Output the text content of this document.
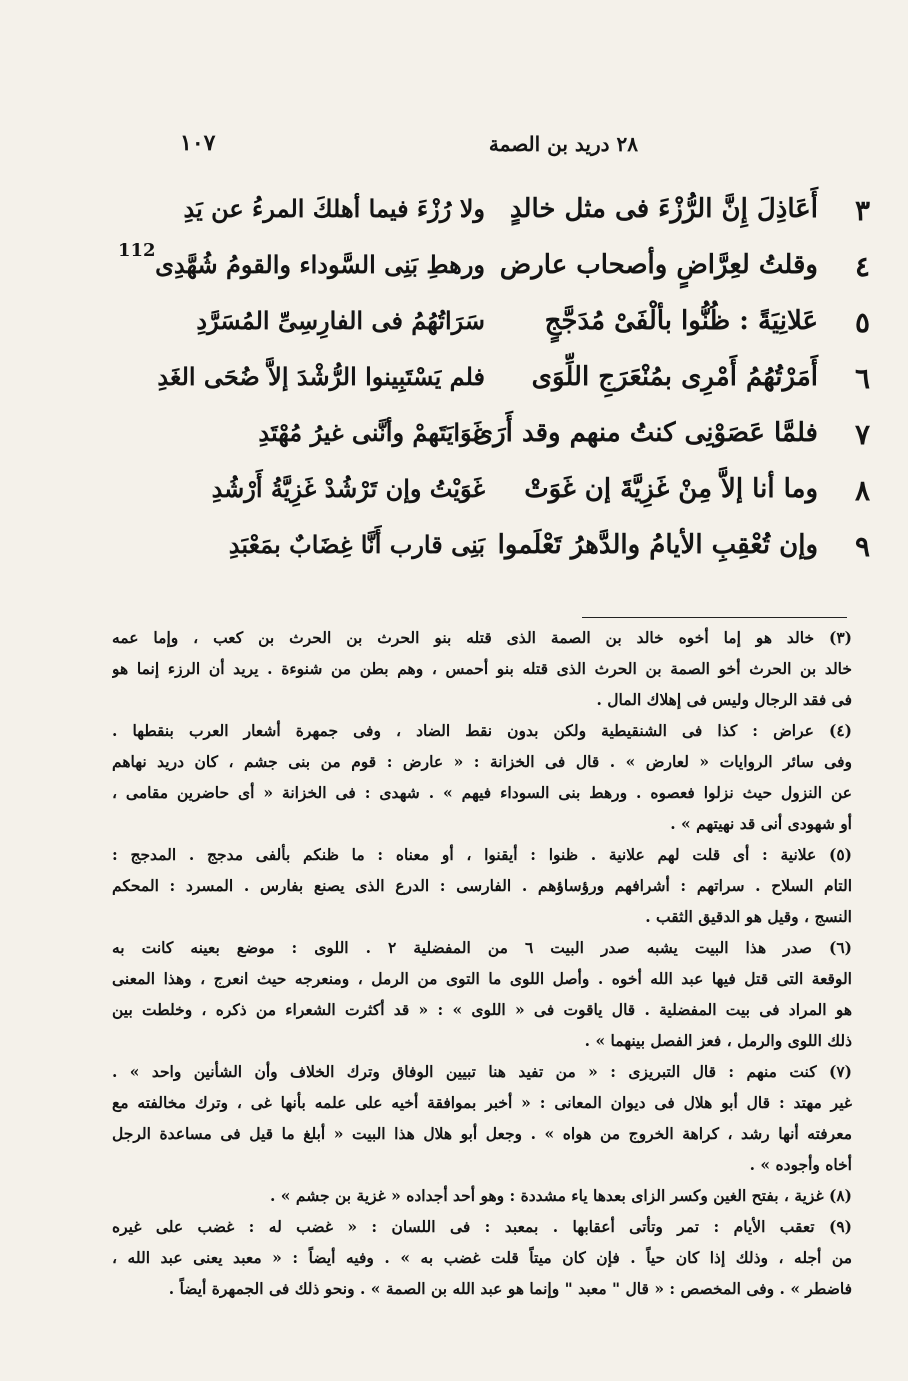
٢٨ دريد بن الصمة
١٠٧
112
٣
أَعَاذِلَ إِنَّ الرُّزْءَ فى مثل خالدٍ
ولا رُزْءَ فيما أهلكَ المرءُ عن يَدِ
٤
وقلتُ لعِرَّاضٍ وأصحاب عارض
ورهطِ بَنِى السَّوداء والقومُ شُهَّدِى
٥
عَلانِيَةً : ظُنُّوا بألْفَىْ مُدَجَّجٍ
سَرَاتُهُمُ فى الفارِسِىِّ المُسَرَّدِ
٦
أَمَرْتُهُمُ أَمْرِى بمُنْعَرَجِ اللِّوَى
فلم يَسْتَبِينوا الرُّشْدَ إلاَّ ضُحَى الغَدِ
٧
فلمَّا عَصَوْنِى كنتُ منهم وقد أَرَى
غَوَايَتَهمْ وأنَّنى غيرُ مُهْتَدِ
٨
وما أنا إلاَّ مِنْ غَزِيَّةَ إن غَوَتْ
غَوَيْتُ وإن تَرْشُدْ غَزِيَّةُ أَرْشُدِ
٩
وإن تُعْقِبِ الأيامُ والدَّهرُ تَعْلَموا
بَنِى قارب أَنَّا غِضَابٌ بمَعْبَدِ
(٣) خالد هو إما أخوه خالد بن الصمة الذى قتله بنو الحرث بن الحرث بن كعب ، وإما عمه
خالد بن الحرث أخو الصمة بن الحرث الذى قتله بنو أحمس ، وهم بطن من شنوءة . يريد أن الرزء إنما هو
فى فقد الرجال وليس فى إهلاك المال .
(٤) عراض : كذا فى الشنقيطية ولكن بدون نقط الضاد ، وفى جمهرة أشعار العرب بنقطها .
وفى سائر الروايات « لعارض » . قال فى الخزانة : « عارض : قوم من بنى جشم ، كان دريد نهاهم
عن النزول حيث نزلوا فعصوه . ورهط بنى السوداء فيهم » . شهدى : فى الخزانة « أى حاضرين مقامى ،
أو شهودى أنى قد نهيتهم » .
(٥) علانية : أى قلت لهم علانية . ظنوا : أيقنوا ، أو معناه : ما ظنكم بألفى مدجج . المدجج :
التام السلاح . سراتهم : أشرافهم ورؤساؤهم . الفارسى : الدرع الذى يصنع بفارس . المسرد : المحكم
النسج ، وقيل هو الدقيق الثقب .
(٦) صدر هذا البيت يشبه صدر البيت ٦ من المفضلية ٢ . اللوى : موضع بعينه كانت به
الوقعة التى قتل فيها عبد الله أخوه . وأصل اللوى ما التوى من الرمل ، ومنعرجه حيث انعرج ، وهذا المعنى
هو المراد فى بيت المفضلية . قال ياقوت فى « اللوى » : « قد أكثرت الشعراء من ذكره ، وخلطت بين
ذلك اللوى والرمل ، فعز الفصل بينهما » .
(٧) كنت منهم : قال التبريزى : « من تفيد هنا تبيين الوفاق وترك الخلاف وأن الشأنين واحد » .
غير مهتد : قال أبو هلال فى ديوان المعانى : « أخبر بموافقة أخيه على علمه بأنها غى ، وترك مخالفته مع
معرفته أنها رشد ، كراهة الخروج من هواه » . وجعل أبو هلال هذا البيت « أبلغ ما قيل فى مساعدة الرجل
أخاه وأجوده » .
(٨) غزية ، بفتح الغين وكسر الزاى بعدها ياء مشددة : وهو أحد أجداده « غزية بن جشم » .
(٩) تعقب الأيام : تمر وتأتى أعقابها . بمعبد : فى اللسان : « غضب له : غضب على غيره
من أجله ، وذلك إذا كان حياً . فإن كان ميتاً قلت غضب به » . وفيه أيضاً : « معبد يعنى عبد الله ،
فاضطر » . وفى المخصص : « قال " معبد " وإنما هو عبد الله بن الصمة » . ونحو ذلك فى الجمهرة أيضاً .
